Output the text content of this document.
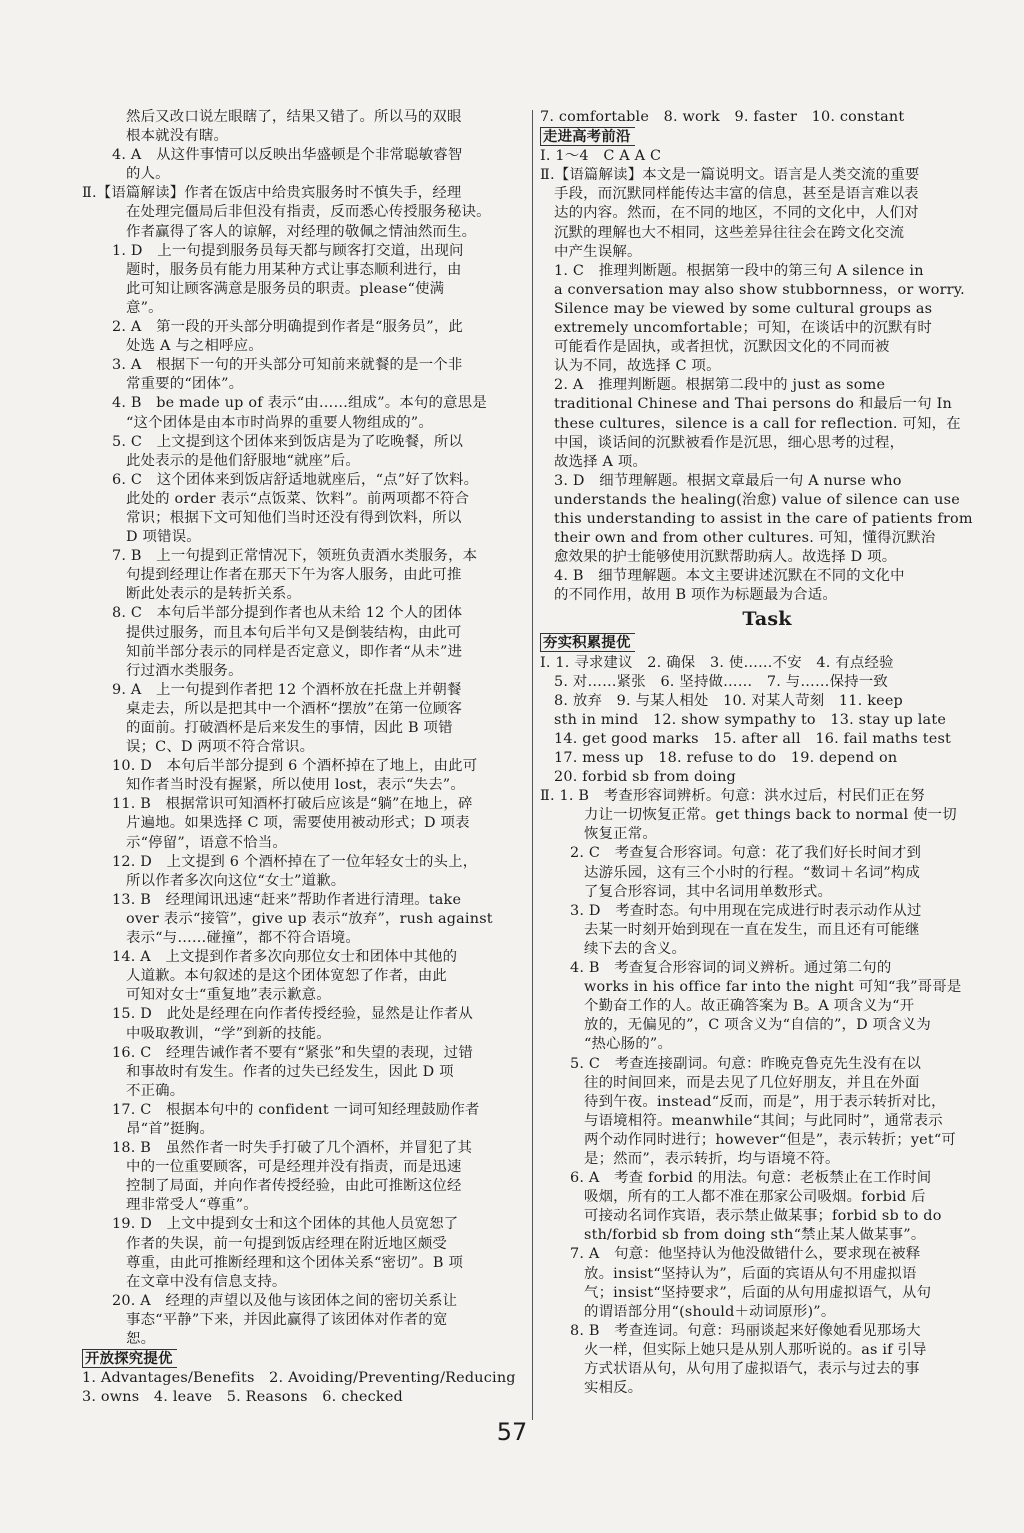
然后又改口说左眼瞎了，结果又错了。所以马的双眼
根本就没有瞎。
4. A　从这件事情可以反映出华盛顿是个非常聪敏睿智
的人。
Ⅱ.【语篇解读】作者在饭店中给贵宾服务时不慎失手，经理
在处理完僵局后非但没有指责，反而悉心传授服务秘诀。
作者赢得了客人的谅解，对经理的敬佩之情油然而生。
1. D　上一句提到服务员每天都与顾客打交道，出现问
题时，服务员有能力用某种方式让事态顺利进行，由
此可知让顾客满意是服务员的职责。please“使满
意”。
2. A　第一段的开头部分明确提到作者是“服务员”，此
处选 A 与之相呼应。
3. A　根据下一句的开头部分可知前来就餐的是一个非
常重要的“团体”。
4. B　be made up of 表示“由……组成”。本句的意思是
“这个团体是由本市时尚界的重要人物组成的”。
5. C　上文提到这个团体来到饭店是为了吃晚餐，所以
此处表示的是他们舒服地“就座”后。
6. C　这个团体来到饭店舒适地就座后，“点”好了饮料。
此处的 order 表示“点饭菜、饮料”。前两项都不符合
常识；根据下文可知他们当时还没有得到饮料，所以
D 项错误。
7. B　上一句提到正常情况下，领班负责酒水类服务，本
句提到经理让作者在那天下午为客人服务，由此可推
断此处表示的是转折关系。
8. C　本句后半部分提到作者也从未给 12 个人的团体
提供过服务，而且本句后半句又是倒装结构，由此可
知前半部分表示的同样是否定意义，即作者“从未”进
行过酒水类服务。
9. A　上一句提到作者把 12 个酒杯放在托盘上并朝餐
桌走去，所以是把其中一个酒杯“摆放”在第一位顾客
的面前。打破酒杯是后来发生的事情，因此 B 项错
误；C、D 两项不符合常识。
10. D　本句后半部分提到 6 个酒杯掉在了地上，由此可
知作者当时没有握紧，所以使用 lost，表示“失去”。
11. B　根据常识可知酒杯打破后应该是“躺”在地上，碎
片遍地。如果选择 C 项，需要使用被动形式；D 项表
示“停留”，语意不恰当。
12. D　上文提到 6 个酒杯掉在了一位年轻女士的头上，
所以作者多次向这位“女士”道歉。
13. B　经理闻讯迅速“赶来”帮助作者进行清理。take
over 表示“接管”，give up 表示“放弃”，rush against
表示“与……碰撞”，都不符合语境。
14. A　上文提到作者多次向那位女士和团体中其他的
人道歉。本句叙述的是这个团体宽恕了作者，由此
可知对女士“重复地”表示歉意。
15. D　此处是经理在向作者传授经验，显然是让作者从
中吸取教训，“学”到新的技能。
16. C　经理告诫作者不要有“紧张”和失望的表现，过错
和事故时有发生。作者的过失已经发生，因此 D 项
不正确。
17. C　根据本句中的 confident 一词可知经理鼓励作者
昂“首”挺胸。
18. B　虽然作者一时失手打破了几个酒杯，并冒犯了其
中的一位重要顾客，可是经理并没有指责，而是迅速
控制了局面，并向作者传授经验，由此可推断这位经
理非常受人“尊重”。
19. D　上文中提到女士和这个团体的其他人员宽恕了
作者的失误，前一句提到饭店经理在附近地区颇受
尊重，由此可推断经理和这个团体关系“密切”。B 项
在文章中没有信息支持。
20. A　经理的声望以及他与该团体之间的密切关系让
事态“平静”下来，并因此赢得了该团体对作者的宽
恕。
开放探究提优
1. Advantages/Benefits　2. Avoiding/Preventing/Reducing
3. owns　4. leave　5. Reasons　6. checked
7. comfortable　8. work　9. faster　10. constant
走进高考前沿
Ⅰ. 1～4　C A A C
Ⅱ.【语篇解读】本文是一篇说明文。语言是人类交流的重要
手段，而沉默同样能传达丰富的信息，甚至是语言难以表
达的内容。然而，在不同的地区，不同的文化中，人们对
沉默的理解也大不相同，这些差异往往会在跨文化交流
中产生误解。
1. C　推理判断题。根据第一段中的第三句 A silence in
a conversation may also show stubbornness，or worry.
Silence may be viewed by some cultural groups as
extremely uncomfortable；可知，在谈话中的沉默有时
可能看作是固执，或者担忧，沉默因文化的不同而被
认为不同，故选择 C 项。
2. A　推理判断题。根据第二段中的 just as some
traditional Chinese and Thai persons do 和最后一句 In
these cultures，silence is a call for reflection. 可知，在
中国，谈话间的沉默被看作是沉思，细心思考的过程，
故选择 A 项。
3. D　细节理解题。根据文章最后一句 A nurse who
understands the healing(治愈) value of silence can use
this understanding to assist in the care of patients from
their own and from other cultures. 可知，懂得沉默治
愈效果的护士能够使用沉默帮助病人。故选择 D 项。
4. B　细节理解题。本文主要讲述沉默在不同的文化中
的不同作用，故用 B 项作为标题最为合适。
Task
夯实积累提优
Ⅰ. 1. 寻求建议　2. 确保　3. 使……不安　4. 有点经验
5. 对……紧张　6. 坚持做……　7. 与……保持一致
8. 放弃　9. 与某人相处　10. 对某人苛刻　11. keep
sth in mind　12. show sympathy to　13. stay up late
14. get good marks　15. after all　16. fail maths test
17. mess up　18. refuse to do　19. depend on
20. forbid sb from doing
Ⅱ. 1. B　考查形容词辨析。句意：洪水过后，村民们正在努
力让一切恢复正常。get things back to normal 使一切
恢复正常。
2. C　考查复合形容词。句意：花了我们好长时间才到
达游乐园，这有三个小时的行程。“数词＋名词”构成
了复合形容词，其中名词用单数形式。
3. D　考查时态。句中用现在完成进行时表示动作从过
去某一时刻开始到现在一直在发生，而且还有可能继
续下去的含义。
4. B　考查复合形容词的词义辨析。通过第二句的
works in his office far into the night 可知“我”哥哥是
个勤奋工作的人。故正确答案为 B。A 项含义为“开
放的，无偏见的”，C 项含义为“自信的”，D 项含义为
“热心肠的”。
5. C　考查连接副词。句意：昨晚克鲁克先生没有在以
往的时间回来，而是去见了几位好朋友，并且在外面
待到午夜。instead“反而，而是”，用于表示转折对比，
与语境相符。meanwhile“其间；与此同时”，通常表示
两个动作同时进行；however“但是”，表示转折；yet“可
是；然而”，表示转折，均与语境不符。
6. A　考查 forbid 的用法。句意：老板禁止在工作时间
吸烟，所有的工人都不准在那家公司吸烟。forbid 后
可接动名词作宾语，表示禁止做某事；forbid sb to do
sth/forbid sb from doing sth“禁止某人做某事”。
7. A　句意：他坚持认为他没做错什么，要求现在被释
放。insist“坚持认为”，后面的宾语从句不用虚拟语
气；insist“坚持要求”，后面的从句用虚拟语气，从句
的谓语部分用“(should＋动词原形)”。
8. B　考查连词。句意：玛丽谈起来好像她看见那场大
火一样，但实际上她只是从别人那听说的。as if 引导
方式状语从句，从句用了虚拟语气，表示与过去的事
实相反。
57
